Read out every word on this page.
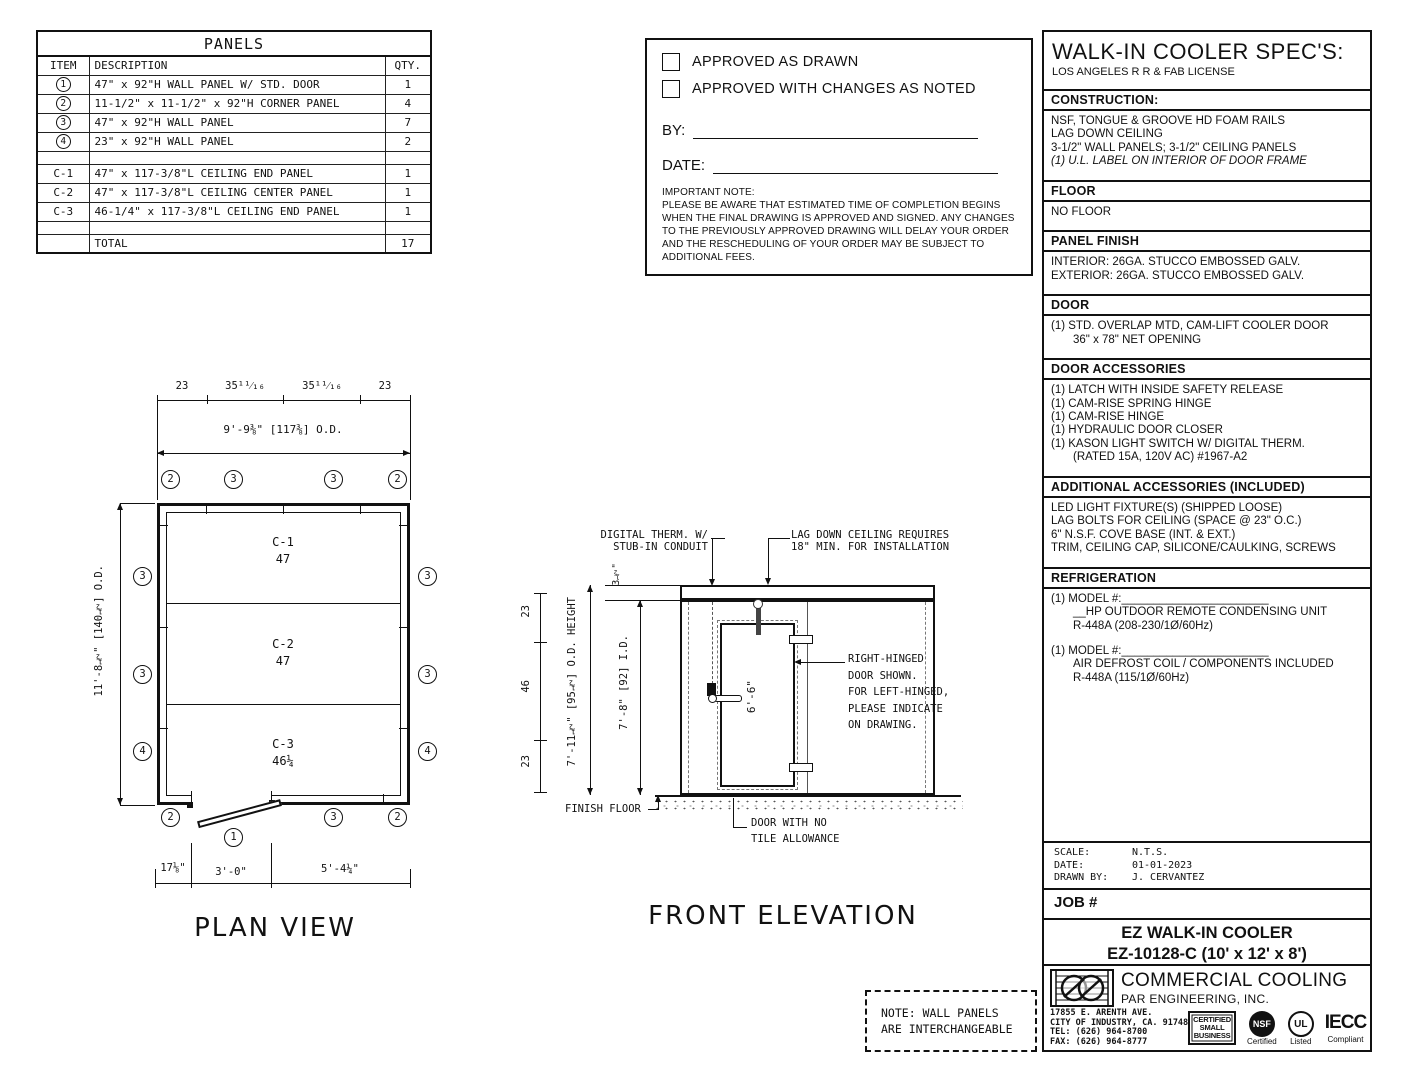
PANELS		
ITEM	DESCRIPTION	QTY.
1	47" x 92"H WALL PANEL W/ STD. DOOR	1
2	11-1/2" x 11-1/2" x 92"H CORNER PANEL	4
3	47" x 92"H WALL PANEL	7
4	23" x 92"H WALL PANEL	2

C-1	47" x 117-3/8"L CEILING END PANEL	1
C-2	47" x 117-3/8"L CEILING CENTER PANEL	1
C-3	46-1/4" x 117-3/8"L CEILING END PANEL	1

	TOTAL	17
APPROVED AS DRAWN
APPROVED WITH CHANGES AS NOTED
BY:
DATE:
IMPORTANT NOTE:
PLEASE BE AWARE THAT ESTIMATED TIME OF COMPLETION BEGINS WHEN THE FINAL DRAWING IS APPROVED AND SIGNED. ANY CHANGES TO THE PREVIOUSLY APPROVED DRAWING WILL DELAY YOUR ORDER AND THE RESCHEDULING OF YOUR ORDER MAY BE SUBJECT TO ADDITIONAL FEES.
WALK-IN COOLER SPEC'S:
LOS ANGELES R R & FAB LICENSE
CONSTRUCTION:
NSF, TONGUE & GROOVE HD FOAM RAILS
LAG DOWN CEILING
3-1/2" WALL PANELS; 3-1/2" CEILING PANELS
(1) U.L. LABEL ON INTERIOR OF DOOR FRAME
FLOOR
NO FLOOR
PANEL FINISH
INTERIOR: 26GA. STUCCO EMBOSSED GALV.
EXTERIOR: 26GA. STUCCO EMBOSSED GALV.
DOOR
(1) STD. OVERLAP MTD, CAM-LIFT COOLER DOOR
36" x 78" NET OPENING
DOOR ACCESSORIES
(1) LATCH WITH INSIDE SAFETY RELEASE
(1) CAM-RISE SPRING HINGE
(1) CAM-RISE HINGE
(1) HYDRAULIC DOOR CLOSER
(1) KASON LIGHT SWITCH W/ DIGITAL THERM.
(RATED 15A, 120V AC) #1967-A2
ADDITIONAL ACCESSORIES (INCLUDED)
LED LIGHT FIXTURE(S) (SHIPPED LOOSE)
LAG BOLTS FOR CEILING (SPACE @ 23" O.C.)
6" N.S.F. COVE BASE (INT. & EXT.)
TRIM, CEILING CAP, SILICONE/CAULKING, SCREWS
REFRIGERATION
(1) MODEL #:_______________________
__HP OUTDOOR REMOTE CONDENSING UNIT
R-448A (208-230/1Ø/60Hz)
(1) MODEL #:_______________________
AIR DEFROST COIL / COMPONENTS INCLUDED
R-448A (115/1Ø/60Hz)
SCALE:	N.T.S.
DATE:	01-01-2023
DRAWN BY:	J. CERVANTEZ
JOB #
EZ WALK-IN COOLER
EZ-10128-C (10' x 12' x 8')
COMMERCIAL COOLING
PAR ENGINEERING, INC.
17855 E. ARENTH AVE.
CITY OF INDUSTRY, CA. 91748
TEL: (626) 964-8700
FAX: (626) 964-8777
CERTIFIED
SMALL
BUSINESS
NSF
Certified
UL
Listed
IECC
Compliant
NOTE: WALL PANELS
ARE INTERCHANGEABLE
23	35¹¹⁄₁₆	35¹¹⁄₁₆	23
9'-9⅜" [117⅜] O.D.
2	3	3	2
C-1
47
C-2
47
C-3
46¼
3
3
4
3
3
4
11'-8½" [140½] O.D.
2	3	2
1
17⅛"	3'-0"	5'-4¼"
PLAN VIEW
DIGITAL THERM. W/
STUB-IN CONDUIT
LAG DOWN CEILING REQUIRES
18" MIN. FOR INSTALLATION
3½"
6'-6"
RIGHT-HINGED
DOOR SHOWN.
FOR LEFT-HINGED,
PLEASE INDICATE
ON DRAWING.
FINISH FLOOR
DOOR WITH NO
TILE ALLOWANCE
7'-8" [92] I.D.
7'-11½" [95½] O.D. HEIGHT
23
46
23
FRONT ELEVATION
